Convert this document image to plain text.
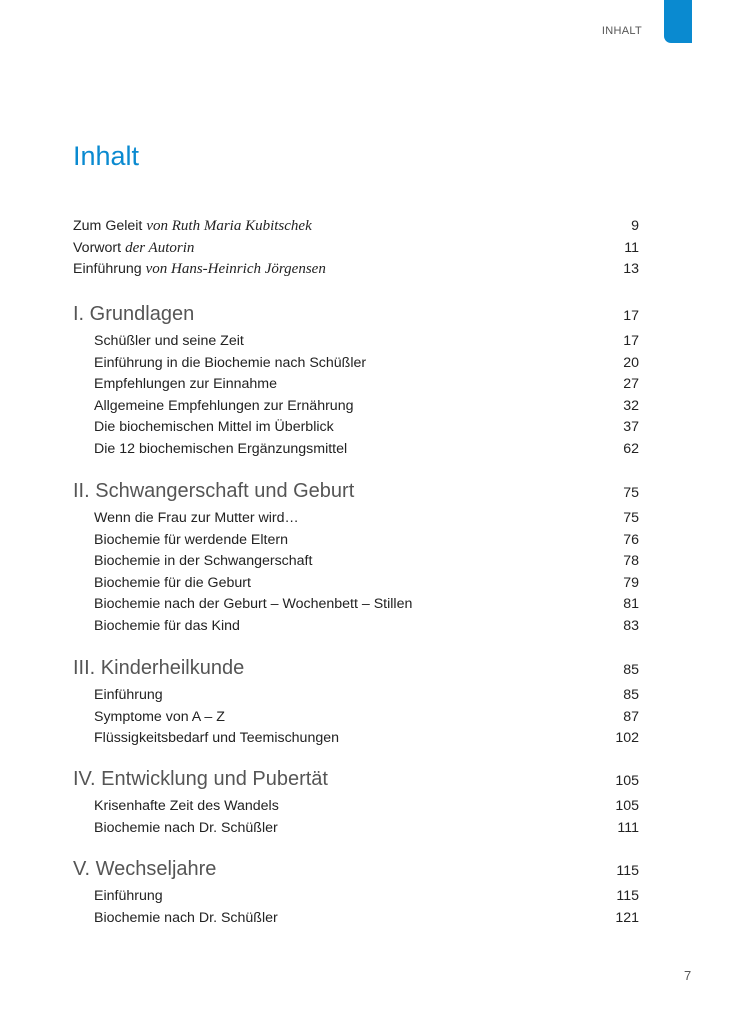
INHALT
Inhalt
Zum Geleit von Ruth Maria Kubitschek	9
Vorwort der Autorin	11
Einführung von Hans-Heinrich Jörgensen	13
I. Grundlagen	17
Schüßler und seine Zeit	17
Einführung in die Biochemie nach Schüßler	20
Empfehlungen zur Einnahme	27
Allgemeine Empfehlungen zur Ernährung	32
Die biochemischen Mittel im Überblick	37
Die 12 biochemischen Ergänzungsmittel	62
II. Schwangerschaft und Geburt	75
Wenn die Frau zur Mutter wird…	75
Biochemie für werdende Eltern	76
Biochemie in der Schwangerschaft	78
Biochemie für die Geburt	79
Biochemie nach der Geburt – Wochenbett – Stillen	81
Biochemie für das Kind	83
III. Kinderheilkunde	85
Einführung	85
Symptome von A – Z	87
Flüssigkeitsbedarf und Teemischungen	102
IV. Entwicklung und Pubertät	105
Krisenhafte Zeit des Wandels	105
Biochemie nach Dr. Schüßler	111
V. Wechseljahre	115
Einführung	115
Biochemie nach Dr. Schüßler	121
7
